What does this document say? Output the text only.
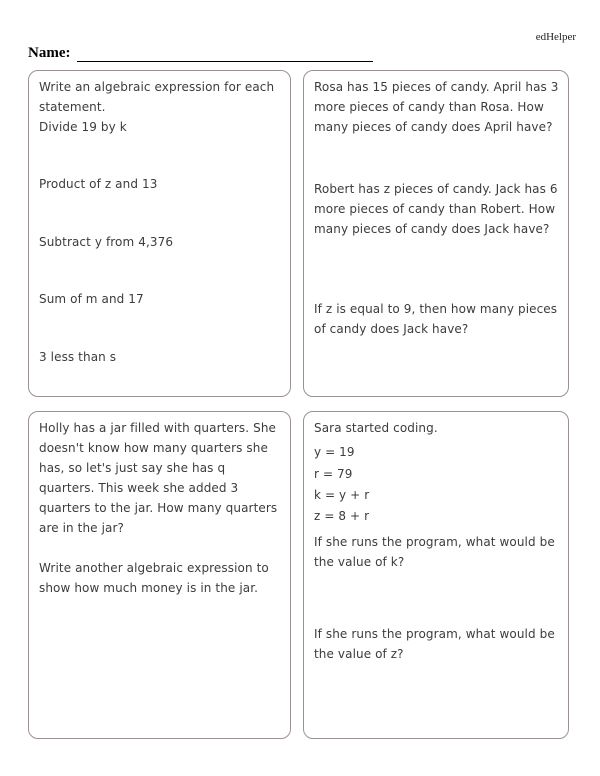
edHelper
Name:

Write an algebraic expression for each statement.

Divide 19 by k

Product of z and 13

Subtract y from 4,376

Sum of m and 17

3 less than s

Rosa has 15 pieces of candy. April has 3 more pieces of candy than Rosa. How many pieces of candy does April have?

Robert has z pieces of candy. Jack has 6 more pieces of candy than Robert. How many pieces of candy does Jack have?

If z is equal to 9, then how many pieces of candy does Jack have?

Holly has a jar filled with quarters. She doesn't know how many quarters she has, so let's just say she has q quarters. This week she added 3 quarters to the jar. How many quarters are in the jar?

Write another algebraic expression to show how much money is in the jar.

Sara started coding.

y = 19

r = 79

k = y + r

z = 8 + r

If she runs the program, what would be the value of k?

If she runs the program, what would be the value of z?
